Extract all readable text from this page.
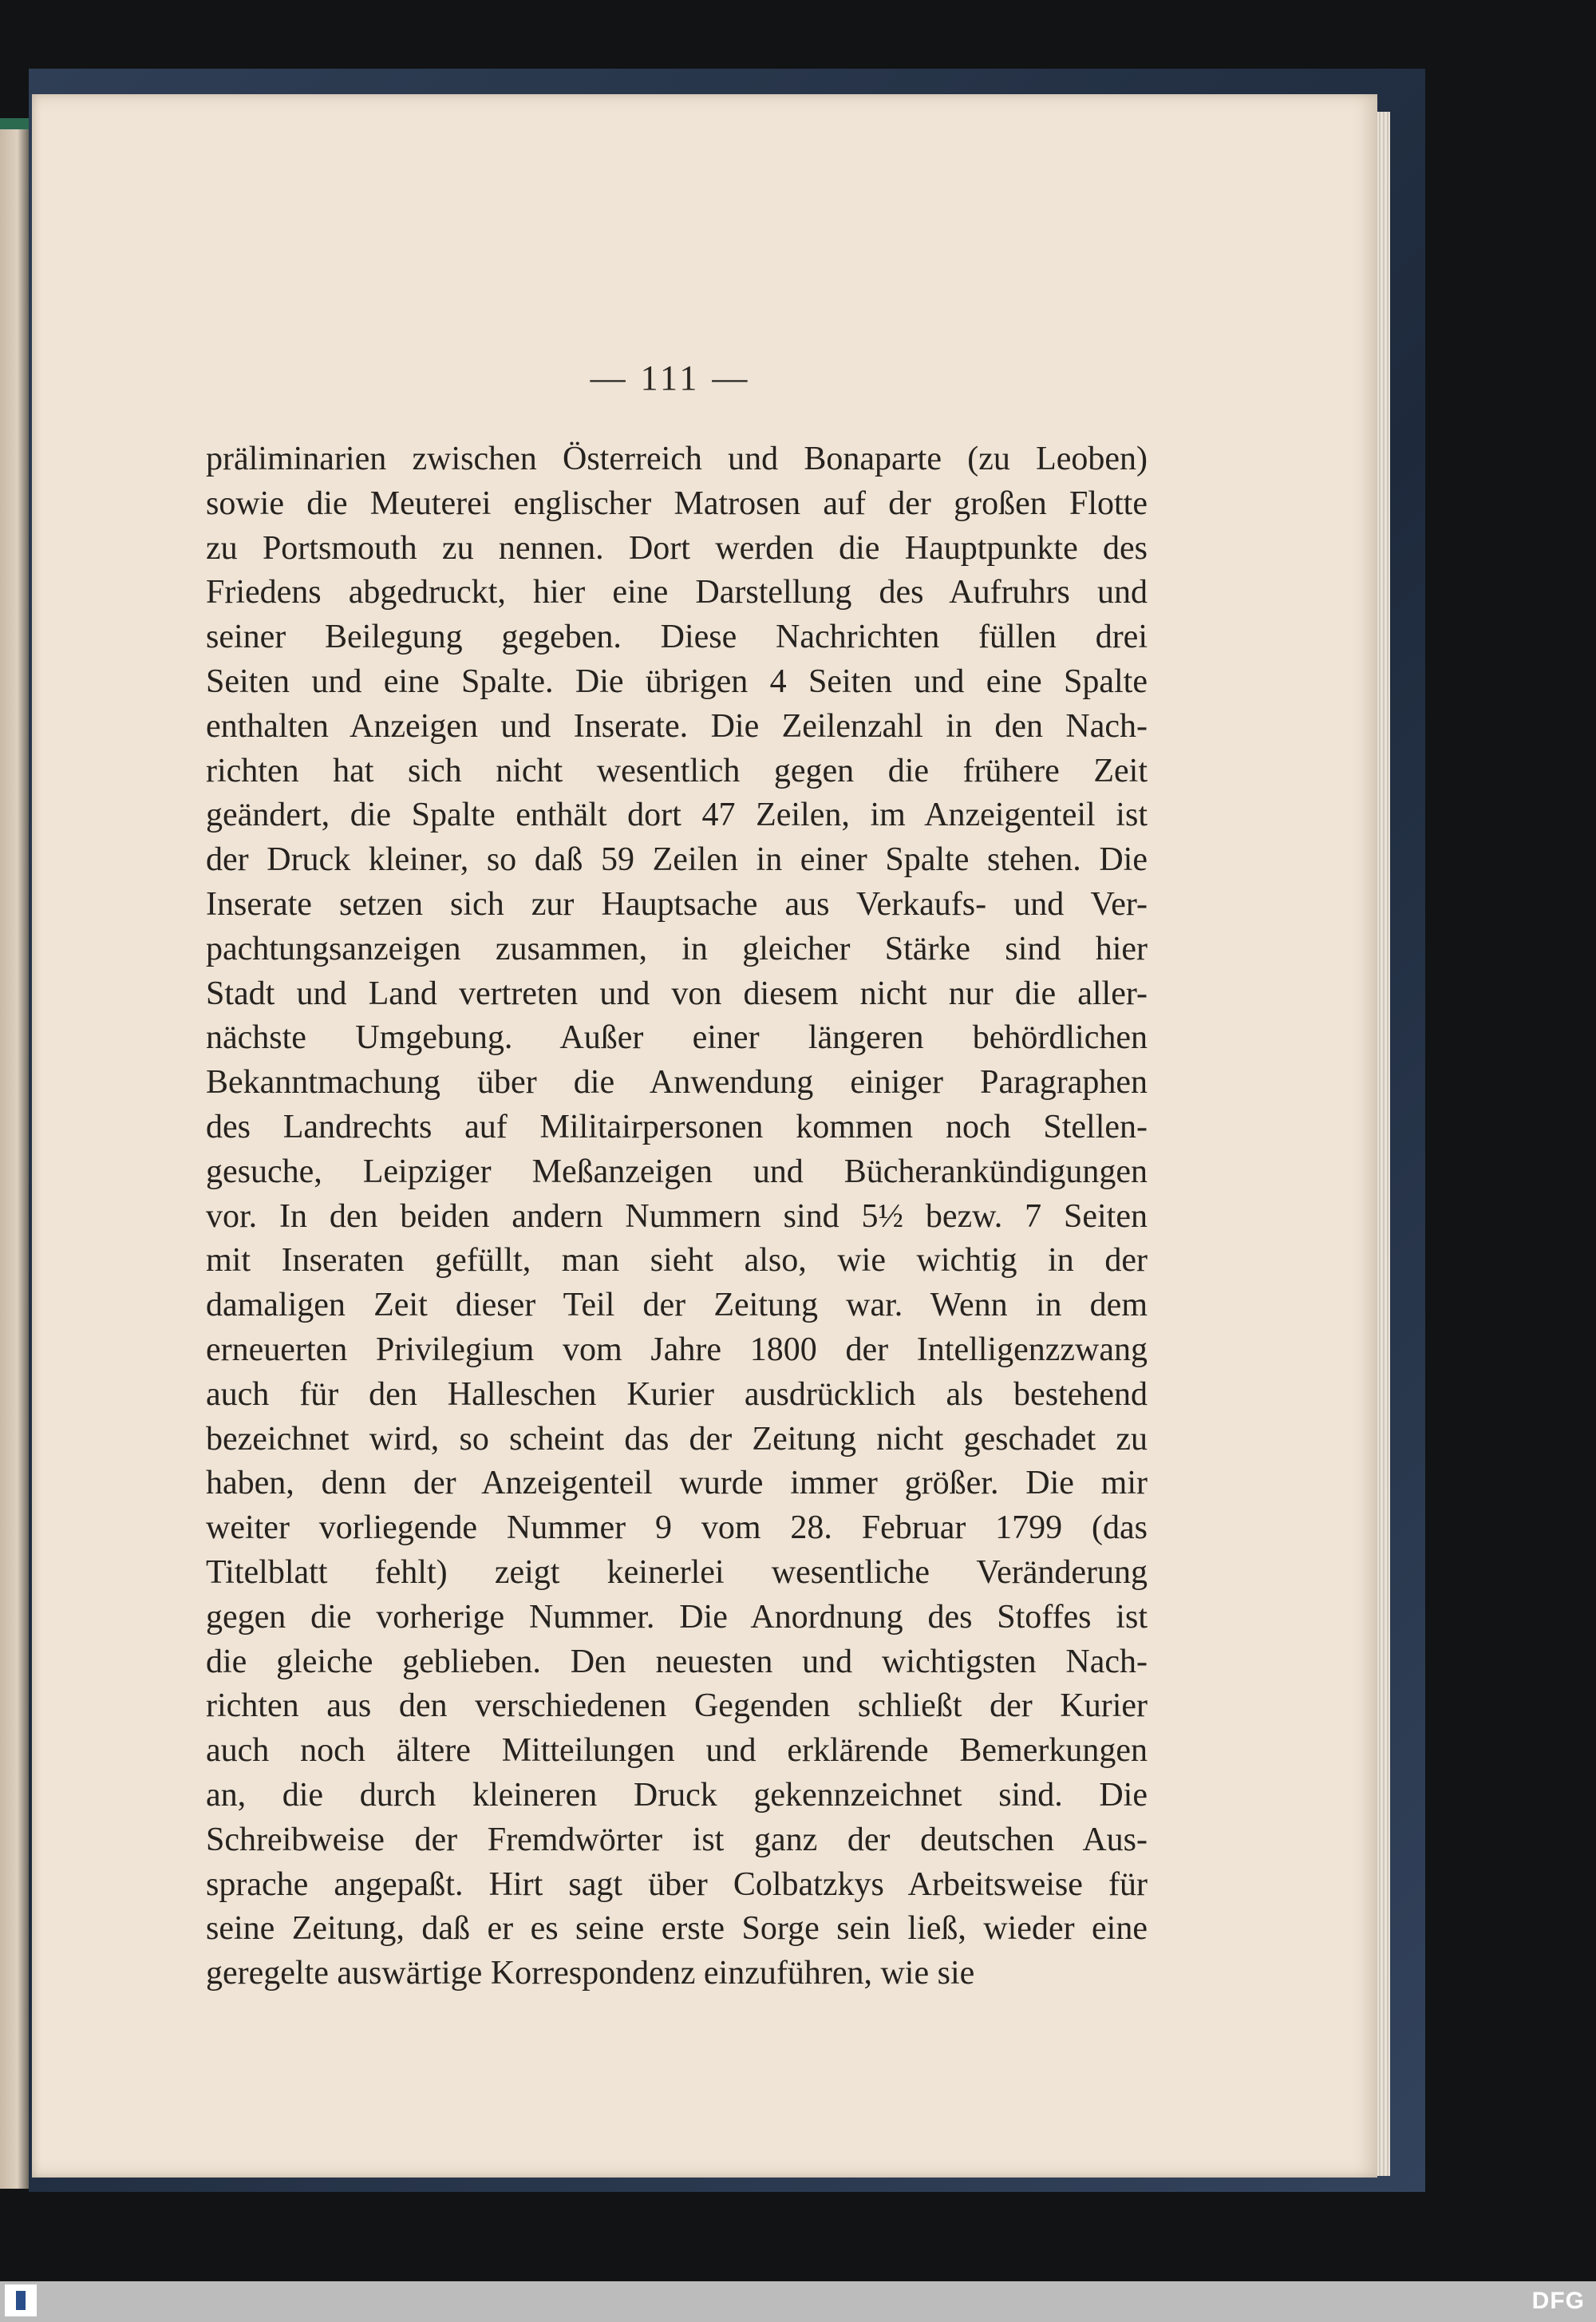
— 111 —
präliminarien zwischen Österreich und Bonaparte (zu Leoben)
sowie die Meuterei englischer Matrosen auf der großen Flotte
zu Portsmouth zu nennen. Dort werden die Hauptpunkte des
Friedens abgedruckt, hier eine Darstellung des Aufruhrs und
seiner Beilegung gegeben. Diese Nachrichten füllen drei
Seiten und eine Spalte. Die übrigen 4 Seiten und eine Spalte
enthalten Anzeigen und Inserate. Die Zeilenzahl in den Nach-
richten hat sich nicht wesentlich gegen die frühere Zeit
geändert, die Spalte enthält dort 47 Zeilen, im Anzeigenteil ist
der Druck kleiner, so daß 59 Zeilen in einer Spalte stehen. Die
Inserate setzen sich zur Hauptsache aus Verkaufs- und Ver-
pachtungsanzeigen zusammen, in gleicher Stärke sind hier
Stadt und Land vertreten und von diesem nicht nur die aller-
nächste Umgebung. Außer einer längeren behördlichen
Bekanntmachung über die Anwendung einiger Paragraphen
des Landrechts auf Militairpersonen kommen noch Stellen-
gesuche, Leipziger Meßanzeigen und Bücherankündigungen
vor. In den beiden andern Nummern sind 5½ bezw. 7 Seiten
mit Inseraten gefüllt, man sieht also, wie wichtig in der
damaligen Zeit dieser Teil der Zeitung war. Wenn in dem
erneuerten Privilegium vom Jahre 1800 der Intelligenzzwang
auch für den Halleschen Kurier ausdrücklich als bestehend
bezeichnet wird, so scheint das der Zeitung nicht geschadet zu
haben, denn der Anzeigenteil wurde immer größer. Die mir
weiter vorliegende Nummer 9 vom 28. Februar 1799 (das
Titelblatt fehlt) zeigt keinerlei wesentliche Veränderung
gegen die vorherige Nummer. Die Anordnung des Stoffes ist
die gleiche geblieben. Den neuesten und wichtigsten Nach-
richten aus den verschiedenen Gegenden schließt der Kurier
auch noch ältere Mitteilungen und erklärende Bemerkungen
an, die durch kleineren Druck gekennzeichnet sind. Die
Schreibweise der Fremdwörter ist ganz der deutschen Aus-
sprache angepaßt. Hirt sagt über Colbatzkys Arbeitsweise für
seine Zeitung, daß er es seine erste Sorge sein ließ, wieder eine
geregelte auswärtige Korrespondenz einzuführen, wie sie
DFG
